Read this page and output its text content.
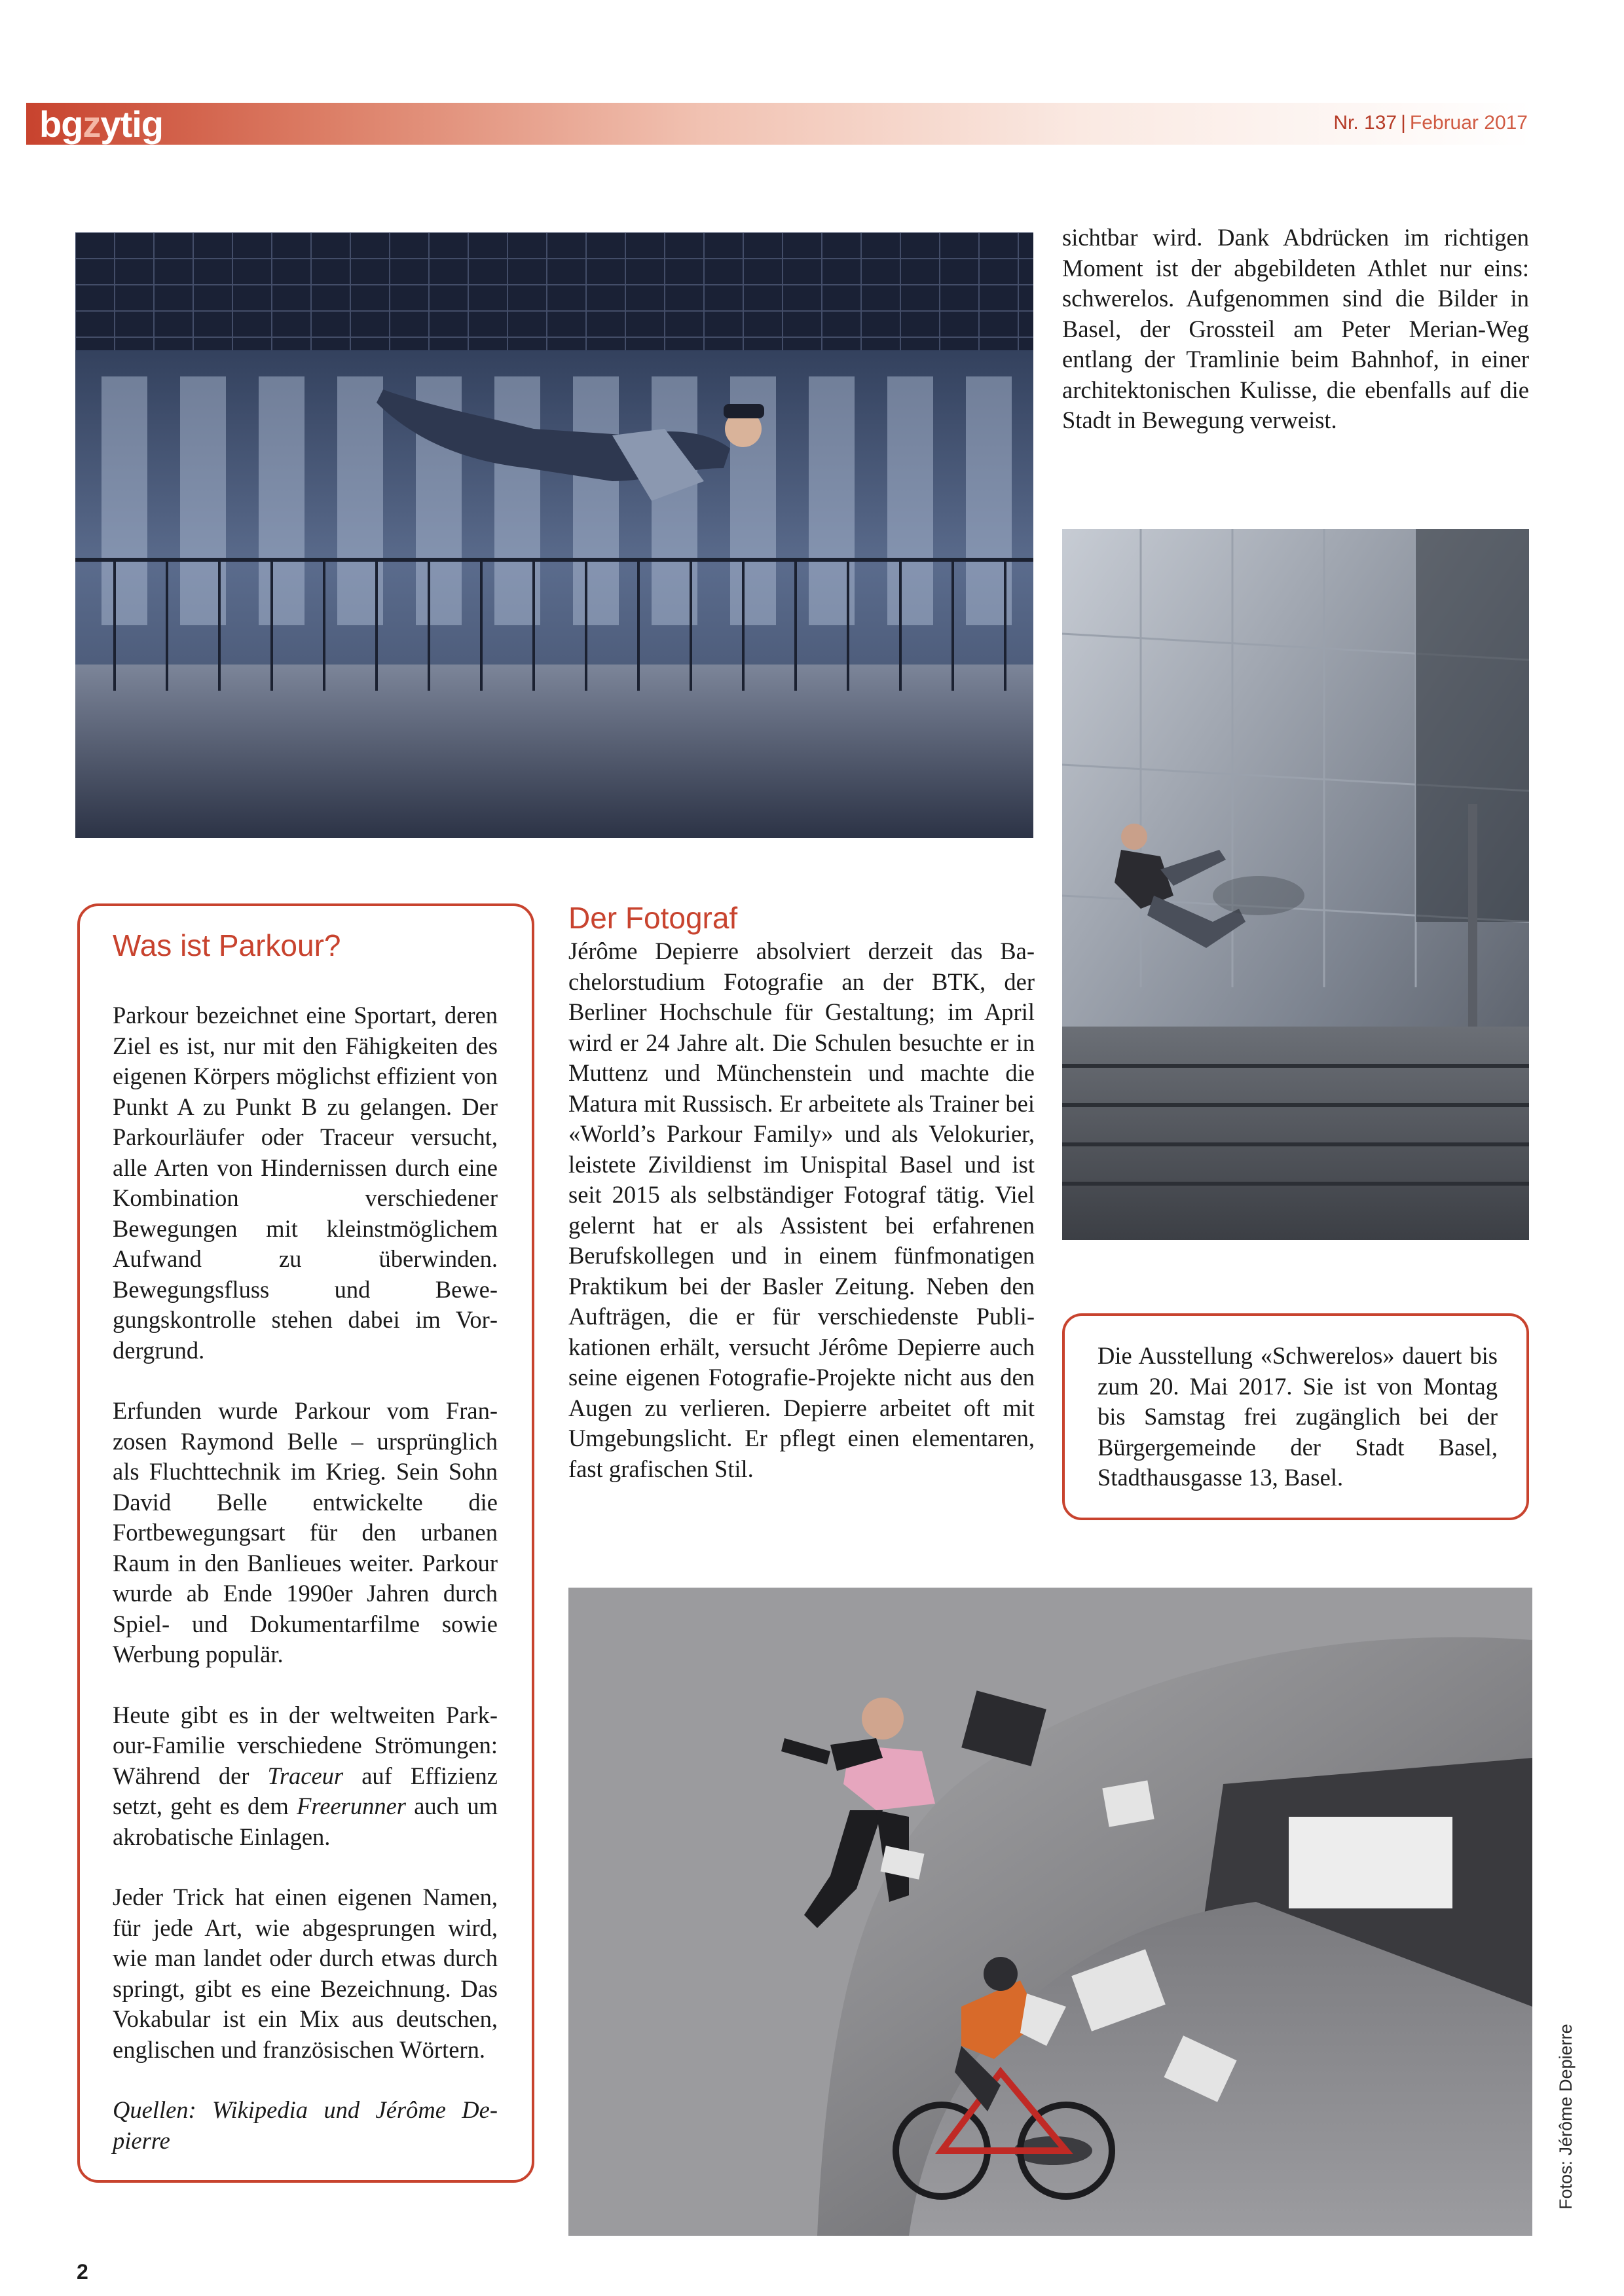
bgzytig	Nr. 137 | Februar 2017

sichtbar wird. Dank Abdrücken im richtigen Moment ist der abgebildeten Athlet nur eins: schwerelos. Aufgenommen sind die Bilder in Basel, der Grossteil am Peter Merian-Weg entlang der Tramlinie beim Bahnhof, in einer architektonischen Kulisse, die ebenfalls auf die Stadt in Bewegung verweist.

Was ist Parkour?

Parkour bezeichnet eine Sportart, deren Ziel es ist, nur mit den Fähigkeiten des eigenen Körpers möglichst effizient von Punkt A zu Punkt B zu gelangen. Der Parkourläufer oder Traceur versucht, alle Arten von Hindernissen durch eine Kombination verschiedener Bewegungen mit kleinstmöglichem Aufwand zu überwinden. Bewegungsfluss und Bewegungskontrolle stehen dabei im Vordergrund.

Erfunden wurde Parkour vom Franzosen Raymond Belle – ursprünglich als Fluchttechnik im Krieg. Sein Sohn David Belle entwickelte die Fortbewegungsart für den urbanen Raum in den Banlieues weiter. Parkour wurde ab Ende 1990er Jahren durch Spiel- und Dokumentarfilme sowie Werbung populär.

Heute gibt es in der weltweiten Parkour-Familie verschiedene Strömungen: Während der Traceur auf Effizienz setzt, geht es dem Freerunner auch um akrobatische Einlagen.

Jeder Trick hat einen eigenen Namen, für jede Art, wie abgesprungen wird, wie man landet oder durch etwas durch springt, gibt es eine Bezeichnung. Das Vokabular ist ein Mix aus deutschen, englischen und französischen Wörtern.

Quellen: Wikipedia und Jérôme Depierre

Der Fotograf

Jérôme Depierre absolviert derzeit das Bachelorstudium Fotografie an der BTK, der Berliner Hochschule für Gestaltung; im April wird er 24 Jahre alt. Die Schulen besuchte er in Muttenz und Münchenstein und machte die Matura mit Russisch. Er arbeitete als Trainer bei «World’s Parkour Family» und als Velokurier, leistete Zivildienst im Unispital Basel und ist seit 2015 als selbständiger Fotograf tätig. Viel gelernt hat er als Assistent bei erfahrenen Berufskollegen und in einem fünfmonatigen Praktikum bei der Basler Zeitung. Neben den Aufträgen, die er für verschiedenste Publikationen erhält, versucht Jérôme Depierre auch seine eigenen Fotografie-Projekte nicht aus den Augen zu verlieren. Depierre arbeitet oft mit Umgebungslicht. Er pflegt einen elementaren, fast grafischen Stil.

Die Ausstellung «Schwerelos» dauert bis zum 20. Mai 2017. Sie ist von Montag bis Samstag frei zugänglich bei der Bürgergemeinde der Stadt Basel, Stadthausgasse 13, Basel.

Fotos: Jérôme Depierre
2
